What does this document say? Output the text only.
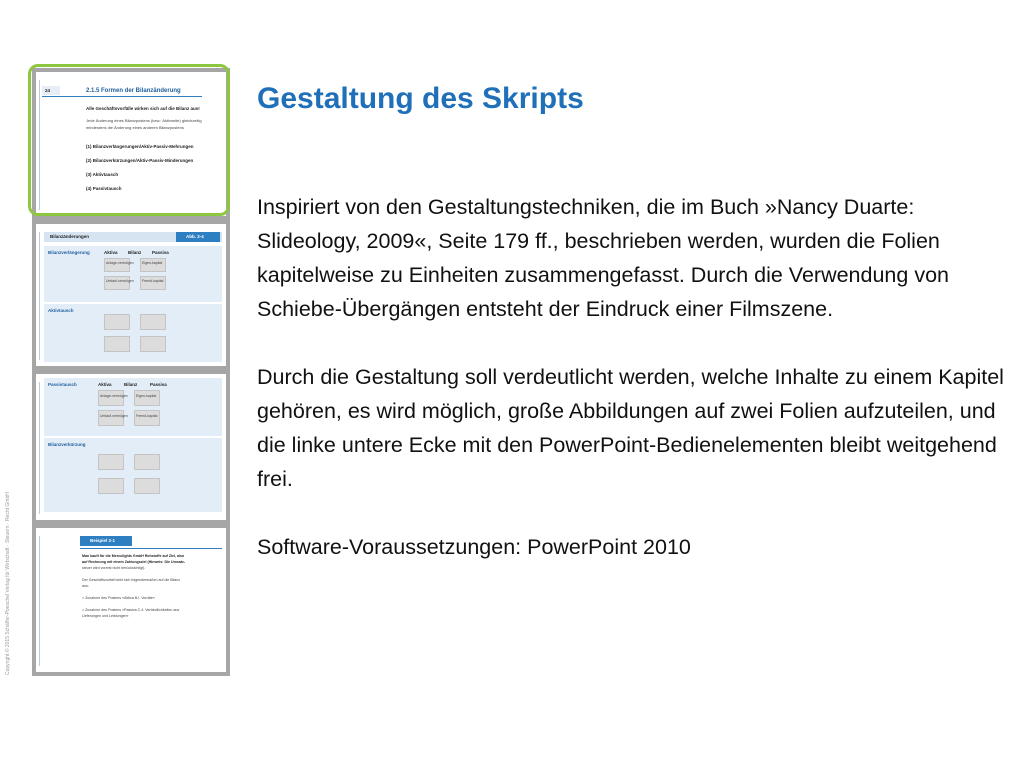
24	2.1.5 Formen der Bilanzänderung
Alle Geschäftsvorfälle wirken sich auf die Bilanz aus!
Jede Änderung eines Bilanzpostens (bzw.: Aktivseite) gleichzeitig
mindestens die Änderung eines anderen Bilanzpostens
(1) Bilanzverlängerungen/Aktiv-Passiv-Mehrungen
(2) Bilanzverkürzungen/Aktiv-Passiv-Minderungen
(3) Aktivtausch
(4) Passivtausch
Bilanzänderungen	Abb. 2-4
Bilanzverlängerung
Aktivtausch
Aktiva Bilanz Passiva
Anlage-vermögen Eigen-kapital
Umlauf-vermögen Fremd-kapital
Passivtausch
Bilanzverkürzung
Aktiva	Bilanz	Passiva
Anlage-vermögen Eigen-kapital
Umlauf-vermögen Fremd-kapital
Beispiel 2-1
Man kauft für die Mercolights GmbH Rohstoffe auf Ziel, also
auf Rechnung mit einem Zahlungsziel (Hinweis: Die Umsatz-
steuer wird vorerst nicht berücksichtigt).
Der Geschäftsvorfall wirkt sich folgendermaßen auf die Bilanz
aus:
> Zunahme des Postens »Aktiva B.I. Vorräte«
> Zunahme des Postens »Passiva C.4. Verbindlichkeiten aus
Lieferungen und Leistungen«
Copyright © 2015 Schäffer-Poeschel Verlag für Wirtschaft · Steuern · Recht GmbH
Gestaltung des Skripts

Inspiriert von den Gestaltungstechniken, die im Buch »Nancy Duarte: Slideology, 2009«, Seite 179 ff., beschrieben werden, wurden die Folien kapitelweise zu Einheiten zusammengefasst. Durch die Verwendung von Schiebe-Übergängen entsteht der Eindruck einer Filmszene.

Durch die Gestaltung soll verdeutlicht werden, welche Inhalte zu einem Kapitel gehören, es wird möglich, große Abbildungen auf zwei Folien aufzuteilen, und die linke untere Ecke mit den PowerPoint-Bedienelementen bleibt weitgehend frei.

Software-Voraussetzungen: PowerPoint 2010
